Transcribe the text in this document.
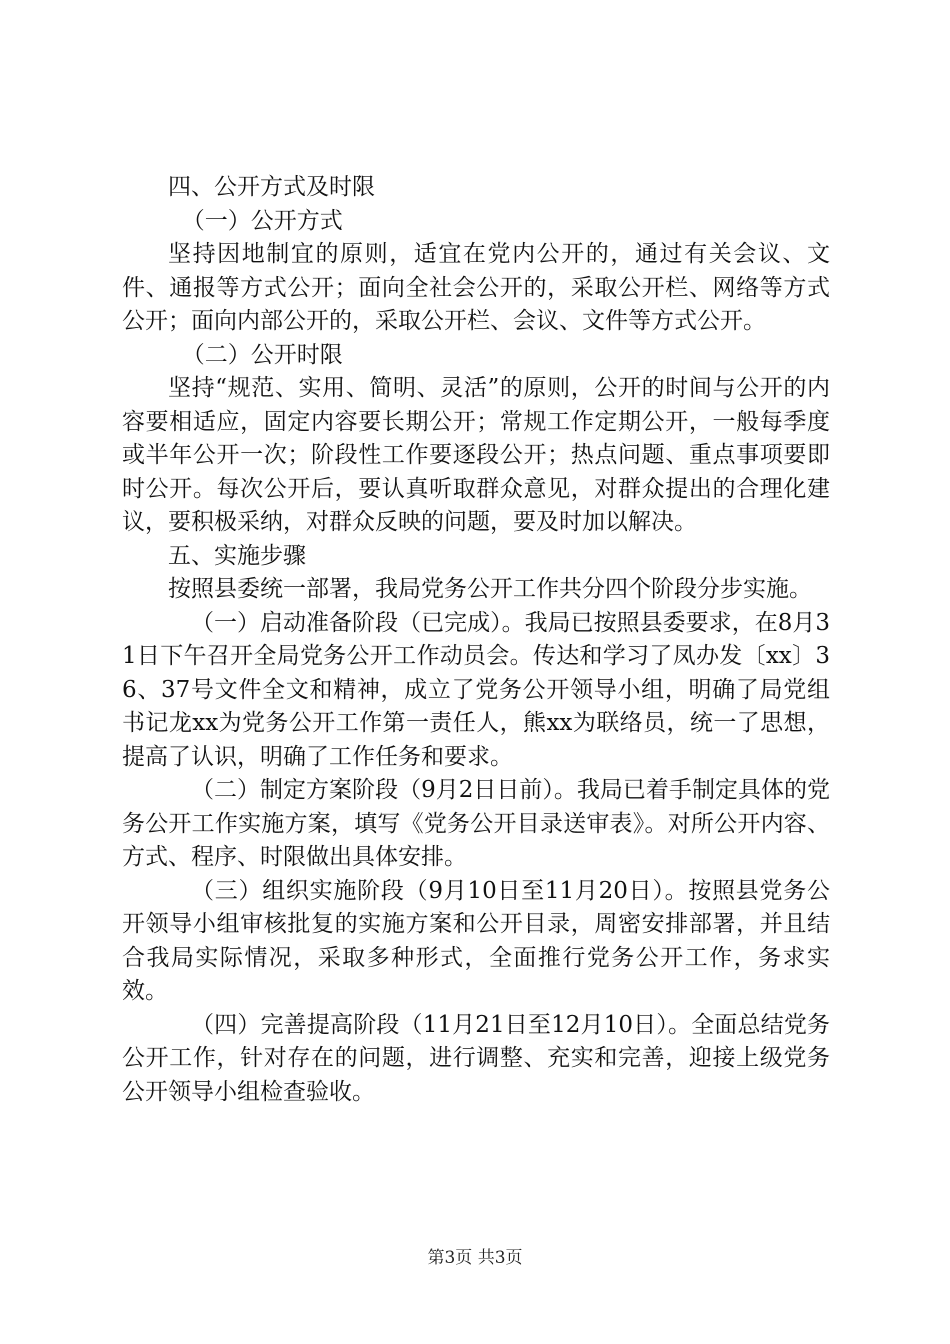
四、公开方式及时限

（一）公开方式

坚持因地制宜的原则，适宜在党内公开的，通过有关会议、文件、通报等方式公开；面向全社会公开的，采取公开栏、网络等方式公开；面向内部公开的，采取公开栏、会议、文件等方式公开。

（二）公开时限

坚持“规范、实用、简明、灵活”的原则，公开的时间与公开的内容要相适应，固定内容要长期公开；常规工作定期公开，一般每季度或半年公开一次；阶段性工作要逐段公开；热点问题、重点事项要即时公开。每次公开后，要认真听取群众意见，对群众提出的合理化建议，要积极采纳，对群众反映的问题，要及时加以解决。

五、实施步骤

按照县委统一部署，我局党务公开工作共分四个阶段分步实施。

（一）启动准备阶段（已完成）。我局已按照县委要求，在8月31日下午召开全局党务公开工作动员会。传达和学习了凤办发〔xx〕36、37号文件全文和精神，成立了党务公开领导小组，明确了局党组书记龙xx为党务公开工作第一责任人，熊xx为联络员，统一了思想，提高了认识，明确了工作任务和要求。

（二）制定方案阶段（9月2日日前）。我局已着手制定具体的党务公开工作实施方案，填写《党务公开目录送审表》。对所公开内容、方式、程序、时限做出具体安排。

（三）组织实施阶段（9月10日至11月20日）。按照县党务公开领导小组审核批复的实施方案和公开目录，周密安排部署，并且结合我局实际情况，采取多种形式，全面推行党务公开工作，务求实效。

（四）完善提高阶段（11月21日至12月10日）。全面总结党务公开工作，针对存在的问题，进行调整、充实和完善，迎接上级党务公开领导小组检查验收。

第3页 共3页
